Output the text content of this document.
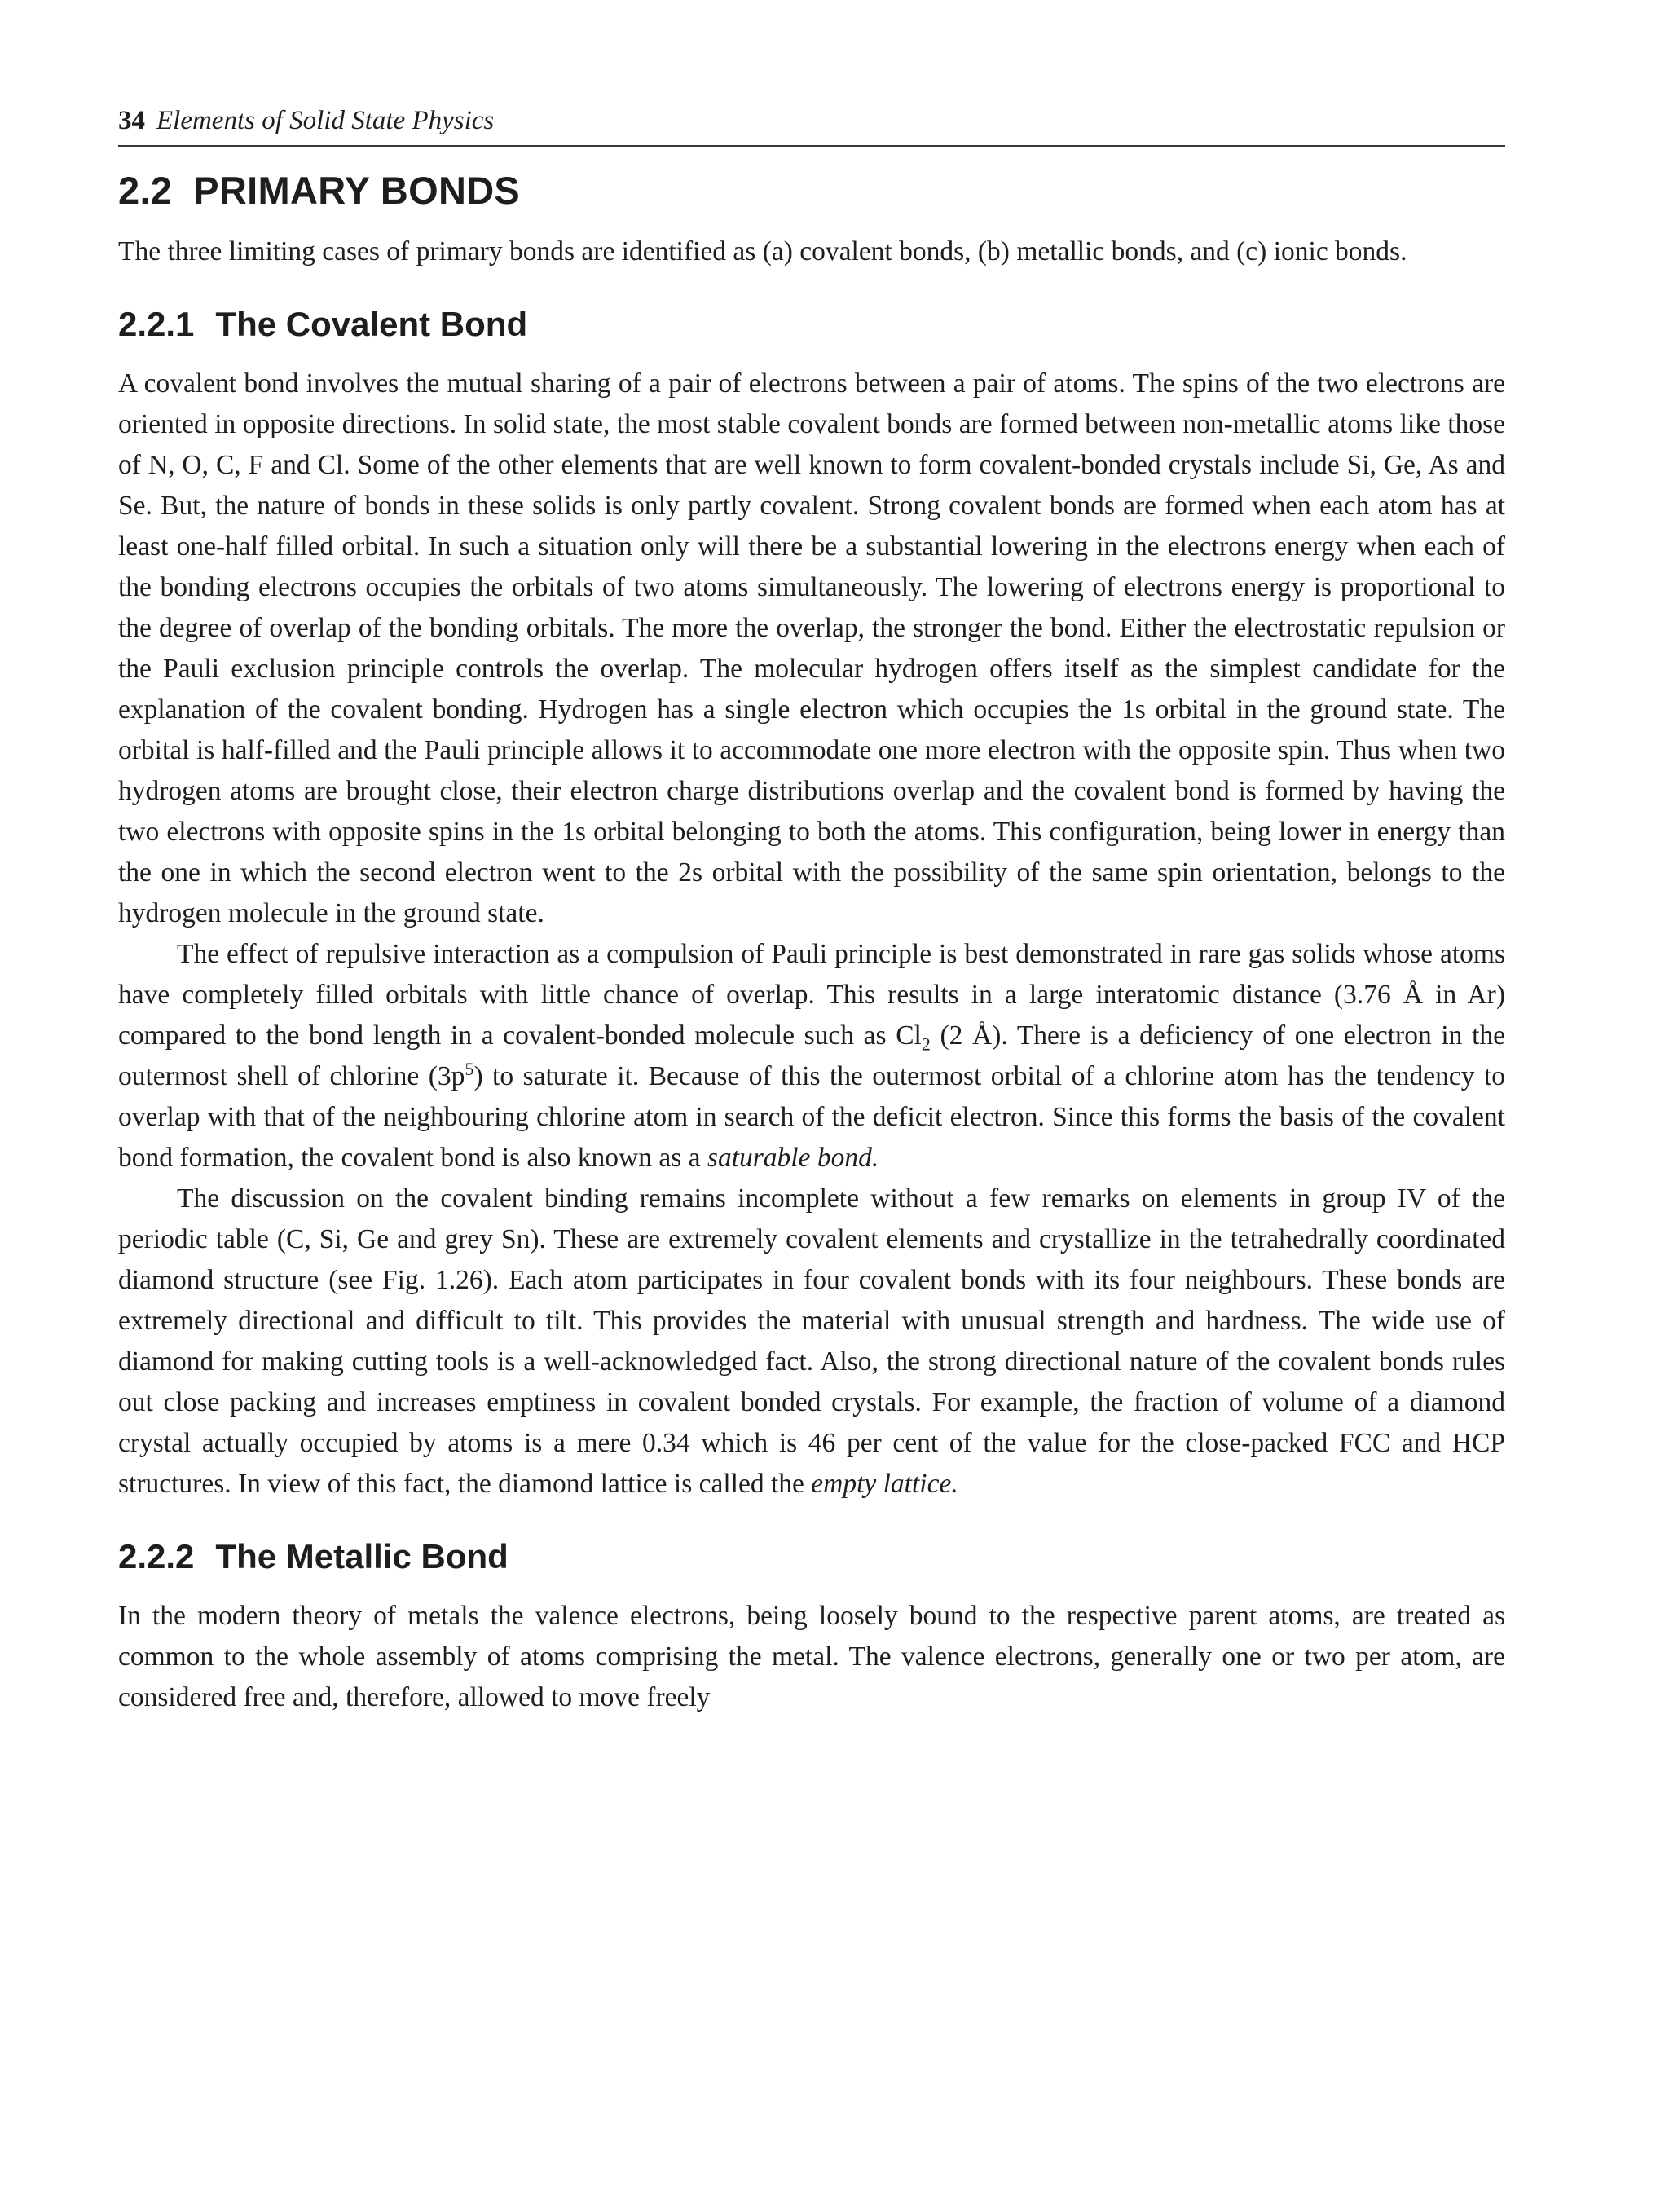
34 Elements of Solid State Physics
2.2 PRIMARY BONDS

The three limiting cases of primary bonds are identified as (a) covalent bonds, (b) metallic bonds, and (c) ionic bonds.

2.2.1 The Covalent Bond

A covalent bond involves the mutual sharing of a pair of electrons between a pair of atoms. The spins of the two electrons are oriented in opposite directions. In solid state, the most stable covalent bonds are formed between non-metallic atoms like those of N, O, C, F and Cl. Some of the other elements that are well known to form covalent-bonded crystals include Si, Ge, As and Se. But, the nature of bonds in these solids is only partly covalent. Strong covalent bonds are formed when each atom has at least one-half filled orbital. In such a situation only will there be a substantial lowering in the electrons energy when each of the bonding electrons occupies the orbitals of two atoms simultaneously. The lowering of electrons energy is proportional to the degree of overlap of the bonding orbitals. The more the overlap, the stronger the bond. Either the electrostatic repulsion or the Pauli exclusion principle controls the overlap. The molecular hydrogen offers itself as the simplest candidate for the explanation of the covalent bonding. Hydrogen has a single electron which occupies the 1s orbital in the ground state. The orbital is half-filled and the Pauli principle allows it to accommodate one more electron with the opposite spin. Thus when two hydrogen atoms are brought close, their electron charge distributions overlap and the covalent bond is formed by having the two electrons with opposite spins in the 1s orbital belonging to both the atoms. This configuration, being lower in energy than the one in which the second electron went to the 2s orbital with the possibility of the same spin orientation, belongs to the hydrogen molecule in the ground state.

The effect of repulsive interaction as a compulsion of Pauli principle is best demonstrated in rare gas solids whose atoms have completely filled orbitals with little chance of overlap. This results in a large interatomic distance (3.76 Å in Ar) compared to the bond length in a covalent-bonded molecule such as $Cl_2$ (2 Å). There is a deficiency of one electron in the outermost shell of chlorine $(3p^5)$ to saturate it. Because of this the outermost orbital of a chlorine atom has the tendency to overlap with that of the neighbouring chlorine atom in search of the deficit electron. Since this forms the basis of the covalent bond formation, the covalent bond is also known as a saturable bond.

The discussion on the covalent binding remains incomplete without a few remarks on elements in group IV of the periodic table (C, Si, Ge and grey Sn). These are extremely covalent elements and crystallize in the tetrahedrally coordinated diamond structure (see Fig. 1.26). Each atom participates in four covalent bonds with its four neighbours. These bonds are extremely directional and difficult to tilt. This provides the material with unusual strength and hardness. The wide use of diamond for making cutting tools is a well-acknowledged fact. Also, the strong directional nature of the covalent bonds rules out close packing and increases emptiness in covalent bonded crystals. For example, the fraction of volume of a diamond crystal actually occupied by atoms is a mere 0.34 which is 46 per cent of the value for the close-packed FCC and HCP structures. In view of this fact, the diamond lattice is called the empty lattice.

2.2.2 The Metallic Bond

In the modern theory of metals the valence electrons, being loosely bound to the respective parent atoms, are treated as common to the whole assembly of atoms comprising the metal. The valence electrons, generally one or two per atom, are considered free and, therefore, allowed to move freely
